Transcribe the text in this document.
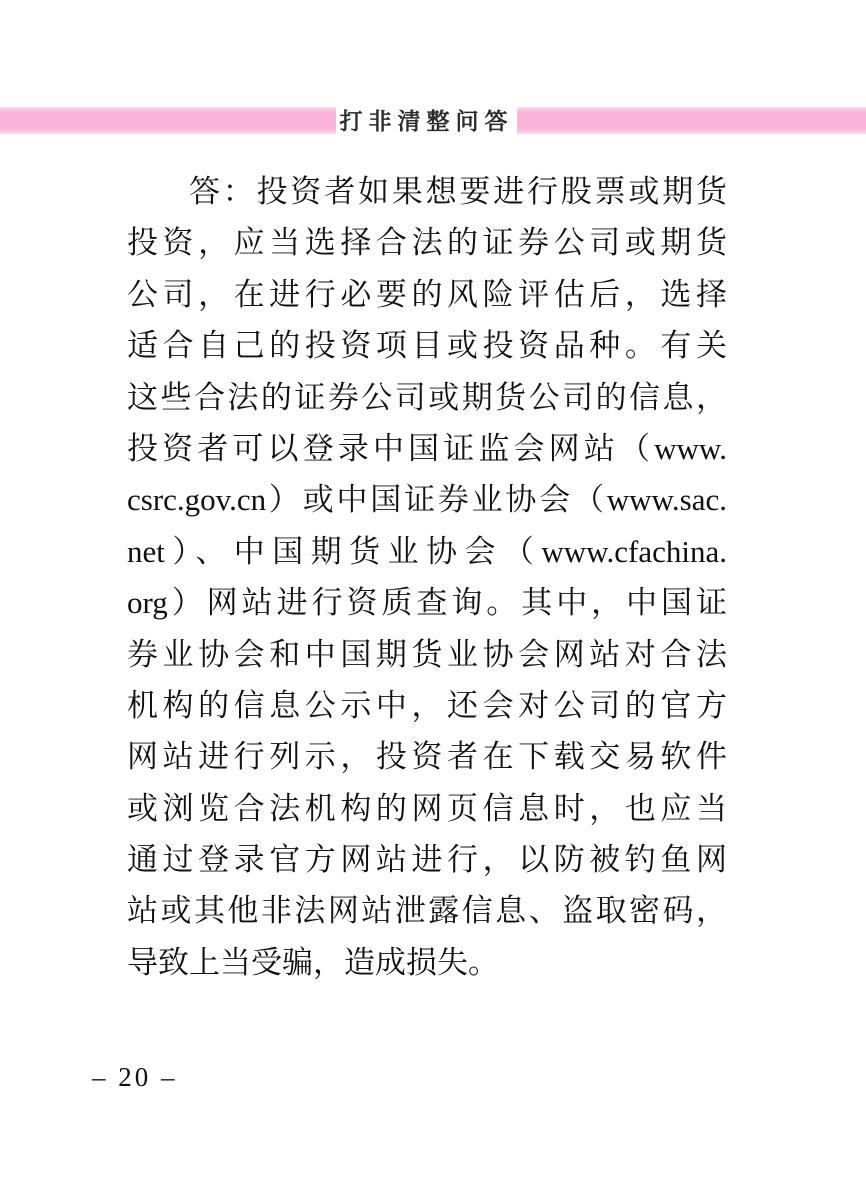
打非清整问答
答：投资者如果想要进行股票或期货
投资，应当选择合法的证券公司或期货
公司，在进行必要的风险评估后，选择
适合自己的投资项目或投资品种。有关
这些合法的证券公司或期货公司的信息，
投资者可以登录中国证监会网站（www.
csrc.gov.cn）或中国证券业协会（www.sac.
net）、中国期货业协会（www.cfachina.
org）网站进行资质查询。其中，中国证
券业协会和中国期货业协会网站对合法
机构的信息公示中，还会对公司的官方
网站进行列示，投资者在下载交易软件
或浏览合法机构的网页信息时，也应当
通过登录官方网站进行，以防被钓鱼网
站或其他非法网站泄露信息、盗取密码，
导致上当受骗，造成损失。
– 20 –
